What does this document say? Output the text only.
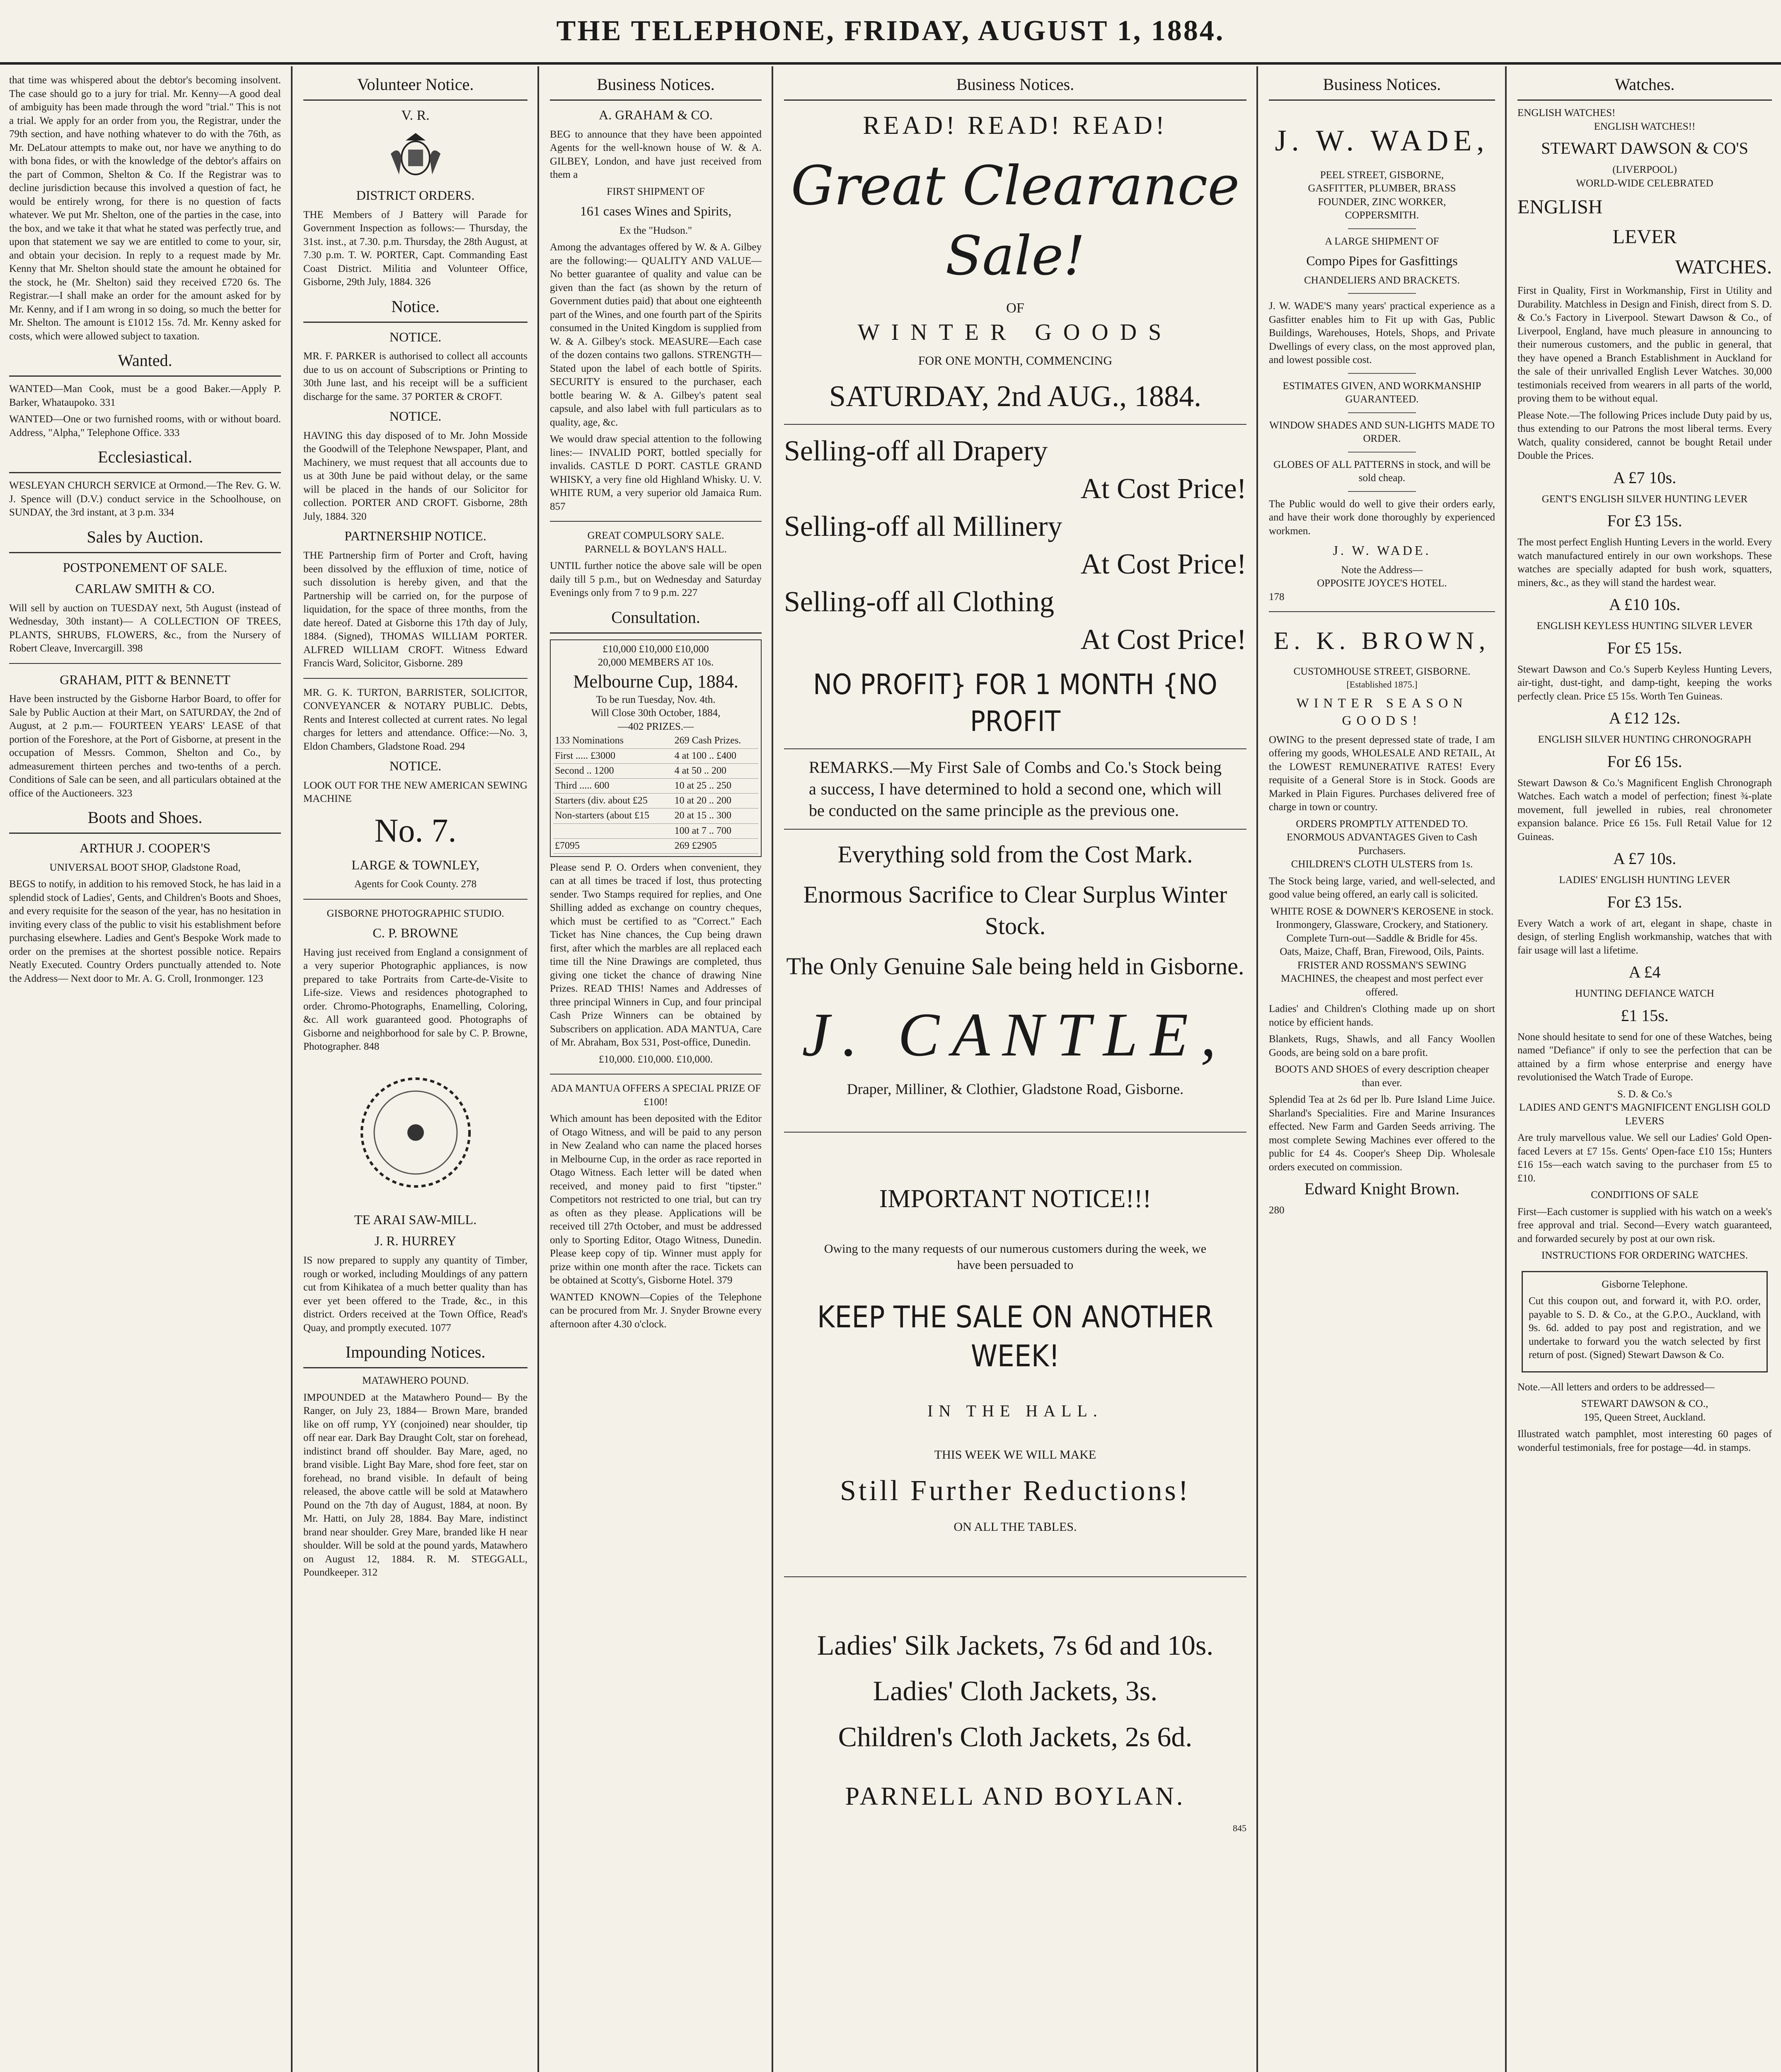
THE TELEPHONE, FRIDAY, AUGUST 1, 1884.

that time was whispered about the debtor's becoming insolvent. The case should go to a jury for trial. Mr. Kenny—A good deal of ambiguity has been made through the word "trial." This is not a trial. We apply for an order from you, the Registrar, under the 79th section, and have nothing whatever to do with the 76th, as Mr. DeLatour attempts to make out, nor have we anything to do with bona fides, or with the knowledge of the debtor's affairs on the part of Common, Shelton & Co. If the Registrar was to decline jurisdiction because this involved a question of fact, he would be entirely wrong, for there is no question of facts whatever. We put Mr. Shelton, one of the parties in the case, into the box, and we take it that what he stated was perfectly true, and upon that statement we say we are entitled to come to your, sir, and obtain your decision. In reply to a request made by Mr. Kenny that Mr. Shelton should state the amount he obtained for the stock, he (Mr. Shelton) said they received £720 6s. The Registrar.—I shall make an order for the amount asked for by Mr. Kenny, and if I am wrong in so doing, so much the better for Mr. Shelton. The amount is £1012 15s. 7d. Mr. Kenny asked for costs, which were allowed subject to taxation.

Wanted.

WANTED—Man Cook, must be a good Baker.—Apply P. Barker, Whataupoko. 331

WANTED—One or two furnished rooms, with or without board. Address, "Alpha," Telephone Office. 333

Ecclesiastical.

WESLEYAN CHURCH SERVICE at Ormond.—The Rev. G. W. J. Spence will (D.V.) conduct service in the Schoolhouse, on SUNDAY, the 3rd instant, at 3 p.m. 334

Sales by Auction.
POSTPONEMENT OF SALE.
CARLAW SMITH & CO.

Will sell by auction on TUESDAY next, 5th August (instead of Wednesday, 30th instant)— A COLLECTION OF TREES, PLANTS, SHRUBS, FLOWERS, &c., from the Nursery of Robert Cleave, Invercargill. 398

GRAHAM, PITT & BENNETT

Have been instructed by the Gisborne Harbor Board, to offer for Sale by Public Auction at their Mart, on SATURDAY, the 2nd of August, at 2 p.m.— FOURTEEN YEARS' LEASE of that portion of the Foreshore, at the Port of Gisborne, at present in the occupation of Messrs. Common, Shelton and Co., by admeasurement thirteen perches and two-tenths of a perch. Conditions of Sale can be seen, and all particulars obtained at the office of the Auctioneers. 323

Boots and Shoes.
ARTHUR J. COOPER'S
UNIVERSAL BOOT SHOP, Gladstone Road,

BEGS to notify, in addition to his removed Stock, he has laid in a splendid stock of Ladies', Gents, and Children's Boots and Shoes, and every requisite for the season of the year, has no hesitation in inviting every class of the public to visit his establishment before purchasing elsewhere. Ladies and Gent's Bespoke Work made to order on the premises at the shortest possible notice. Repairs Neatly Executed. Country Orders punctually attended to. Note the Address— Next door to Mr. A. G. Croll, Ironmonger. 123

Volunteer Notice.
V. R.
DISTRICT ORDERS.

THE Members of J Battery will Parade for Government Inspection as follows:— Thursday, the 31st. inst., at 7.30. p.m. Thursday, the 28th August, at 7.30 p.m. T. W. PORTER, Capt. Commanding East Coast District. Militia and Volunteer Office, Gisborne, 29th July, 1884. 326

Notice.
NOTICE.

MR. F. PARKER is authorised to collect all accounts due to us on account of Subscriptions or Printing to 30th June last, and his receipt will be a sufficient discharge for the same. 37 PORTER & CROFT.

NOTICE.

HAVING this day disposed of to Mr. John Mosside the Goodwill of the Telephone Newspaper, Plant, and Machinery, we must request that all accounts due to us at 30th June be paid without delay, or the same will be placed in the hands of our Solicitor for collection. PORTER AND CROFT. Gisborne, 28th July, 1884. 320

PARTNERSHIP NOTICE.

THE Partnership firm of Porter and Croft, having been dissolved by the effluxion of time, notice of such dissolution is hereby given, and that the Partnership will be carried on, for the purpose of liquidation, for the space of three months, from the date hereof. Dated at Gisborne this 17th day of July, 1884. (Signed), THOMAS WILLIAM PORTER. ALFRED WILLIAM CROFT. Witness Edward Francis Ward, Solicitor, Gisborne. 289

MR. G. K. TURTON, BARRISTER, SOLICITOR, CONVEYANCER & NOTARY PUBLIC. Debts, Rents and Interest collected at current rates. No legal charges for letters and attendance. Office:—No. 3, Eldon Chambers, Gladstone Road. 294

NOTICE.

LOOK OUT FOR THE NEW AMERICAN SEWING MACHINE

No. 7.
LARGE & TOWNLEY,
Agents for Cook County. 278
GISBORNE PHOTOGRAPHIC STUDIO.
C. P. BROWNE

Having just received from England a consignment of a very superior Photographic appliances, is now prepared to take Portraits from Carte-de-Visite to Life-size. Views and residences photographed to order. Chromo-Photographs, Enamelling, Coloring, &c. All work guaranteed good. Photographs of Gisborne and neighborhood for sale by C. P. Browne, Photographer. 848

TE ARAI SAW-MILL.
J. R. HURREY

IS now prepared to supply any quantity of Timber, rough or worked, including Mouldings of any pattern cut from Kihikatea of a much better quality than has ever yet been offered to the Trade, &c., in this district. Orders received at the Town Office, Read's Quay, and promptly executed. 1077

Impounding Notices.
MATAWHERO POUND.

IMPOUNDED at the Matawhero Pound— By the Ranger, on July 23, 1884— Brown Mare, branded like on off rump, YY (conjoined) near shoulder, tip off near ear. Dark Bay Draught Colt, star on forehead, indistinct brand off shoulder. Bay Mare, aged, no brand visible. Light Bay Mare, shod fore feet, star on forehead, no brand visible. In default of being released, the above cattle will be sold at Matawhero Pound on the 7th day of August, 1884, at noon. By Mr. Hatti, on July 28, 1884. Bay Mare, indistinct brand near shoulder. Grey Mare, branded like H near shoulder. Will be sold at the pound yards, Matawhero on August 12, 1884. R. M. STEGGALL, Poundkeeper. 312

Business Notices.
A. GRAHAM & CO.

BEG to announce that they have been appointed Agents for the well-known house of W. & A. GILBEY, London, and have just received from them a

FIRST SHIPMENT OF
161 cases Wines and Spirits,
Ex the "Hudson."

Among the advantages offered by W. & A. Gilbey are the following:— QUALITY AND VALUE—No better guarantee of quality and value can be given than the fact (as shown by the return of Government duties paid) that about one eighteenth part of the Wines, and one fourth part of the Spirits consumed in the United Kingdom is supplied from W. & A. Gilbey's stock. MEASURE—Each case of the dozen contains two gallons. STRENGTH—Stated upon the label of each bottle of Spirits. SECURITY is ensured to the purchaser, each bottle bearing W. & A. Gilbey's patent seal capsule, and also label with full particulars as to quality, age, &c.

We would draw special attention to the following lines:— INVALID PORT, bottled specially for invalids. CASTLE D PORT. CASTLE GRAND WHISKY, a very fine old Highland Whisky. U. V. WHITE RUM, a very superior old Jamaica Rum. 857

GREAT COMPULSORY SALE.
PARNELL & BOYLAN'S HALL.

UNTIL further notice the above sale will be open daily till 5 p.m., but on Wednesday and Saturday Evenings only from 7 to 9 p.m. 227

Consultation.
£10,000 £10,000 £10,000
20,000 MEMBERS AT 10s.
Melbourne Cup, 1884.
To be run Tuesday, Nov. 4th.
Will Close 30th October, 1884,
—402 PRIZES.—
133 Nominations	269 Cash Prizes.
First ..... £3000	4 at 100 .. £400
Second .. 1200	4 at 50 .. 200
Third ..... 600	10 at 25 .. 250
Starters (div. about £25	10 at 20 .. 200
Non-starters (about £15	20 at 15 .. 300
	100 at 7 .. 700
£7095	269 £2905

Please send P. O. Orders when convenient, they can at all times be traced if lost, thus protecting sender. Two Stamps required for replies, and One Shilling added as exchange on country cheques, which must be certified to as "Correct." Each Ticket has Nine chances, the Cup being drawn first, after which the marbles are all replaced each time till the Nine Drawings are completed, thus giving one ticket the chance of drawing Nine Prizes. READ THIS! Names and Addresses of three principal Winners in Cup, and four principal Cash Prize Winners can be obtained by Subscribers on application. ADA MANTUA, Care of Mr. Abraham, Box 531, Post-office, Dunedin.

£10,000. £10,000. £10,000.
ADA MANTUA OFFERS A SPECIAL PRIZE OF £100!

Which amount has been deposited with the Editor of Otago Witness, and will be paid to any person in New Zealand who can name the placed horses in Melbourne Cup, in the order as race reported in Otago Witness. Each letter will be dated when received, and money paid to first "tipster." Competitors not restricted to one trial, but can try as often as they please. Applications will be received till 27th October, and must be addressed only to Sporting Editor, Otago Witness, Dunedin. Please keep copy of tip. Winner must apply for prize within one month after the race. Tickets can be obtained at Scotty's, Gisborne Hotel. 379

WANTED KNOWN—Copies of the Telephone can be procured from Mr. J. Snyder Browne every afternoon after 4.30 o'clock.

Business Notices.
READ! READ! READ!
Great Clearance Sale!
OF
WINTER GOODS
FOR ONE MONTH, COMMENCING
SATURDAY, 2nd AUG., 1884.
Selling-off all Drapery
At Cost Price!
Selling-off all Millinery
At Cost Price!
Selling-off all Clothing
At Cost Price!
NO PROFIT} FOR 1 MONTH {NO PROFIT

REMARKS.—My First Sale of Combs and Co.'s Stock being a success, I have determined to hold a second one, which will be conducted on the same principle as the previous one.

Everything sold from the Cost Mark.
Enormous Sacrifice to Clear Surplus Winter Stock.
The Only Genuine Sale being held in Gisborne.
J. CANTLE,
Draper, Milliner, & Clothier, Gladstone Road, Gisborne.
IMPORTANT NOTICE!!!

Owing to the many requests of our numerous customers during the week, we have been persuaded to

KEEP THE SALE ON ANOTHER WEEK!
IN THE HALL.
THIS WEEK WE WILL MAKE
Still Further Reductions!
ON ALL THE TABLES.
Ladies' Silk Jackets, 7s 6d and 10s.
Ladies' Cloth Jackets, 3s.
Children's Cloth Jackets, 2s 6d.
PARNELL AND BOYLAN.
845
Business Notices.
J. W. WADE,
PEEL STREET, GISBORNE,
GASFITTER, PLUMBER, BRASS
FOUNDER, ZINC WORKER,
COPPERSMITH.
A LARGE SHIPMENT OF
Compo Pipes for Gasfittings
CHANDELIERS AND BRACKETS.

J. W. WADE'S many years' practical experience as a Gasfitter enables him to Fit up with Gas, Public Buildings, Warehouses, Hotels, Shops, and Private Dwellings of every class, on the most approved plan, and lowest possible cost.

ESTIMATES GIVEN, AND WORKMANSHIP GUARANTEED.
WINDOW SHADES AND SUN-LIGHTS MADE TO ORDER.
GLOBES OF ALL PATTERNS in stock, and will be sold cheap.

The Public would do well to give their orders early, and have their work done thoroughly by experienced workmen.

J. W. WADE.
Note the Address—
OPPOSITE JOYCE'S HOTEL.
178
E. K. BROWN,
CUSTOMHOUSE STREET, GISBORNE.
[Established 1875.]
WINTER SEASON GOODS!

OWING to the present depressed state of trade, I am offering my goods, WHOLESALE AND RETAIL, At the LOWEST REMUNERATIVE RATES! Every requisite of a General Store is in Stock. Goods are Marked in Plain Figures. Purchases delivered free of charge in town or country.

ORDERS PROMPTLY ATTENDED TO.
ENORMOUS ADVANTAGES Given to Cash Purchasers.
CHILDREN'S CLOTH ULSTERS from 1s.

The Stock being large, varied, and well-selected, and good value being offered, an early call is solicited.

WHITE ROSE & DOWNER'S KEROSENE in stock.
Ironmongery, Glassware, Crockery, and Stationery.
Complete Turn-out—Saddle & Bridle for 45s.
Oats, Maize, Chaff, Bran, Firewood, Oils, Paints.
FRISTER AND ROSSMAN'S SEWING MACHINES, the cheapest and most perfect ever offered.

Ladies' and Children's Clothing made up on short notice by efficient hands.

Blankets, Rugs, Shawls, and all Fancy Woollen Goods, are being sold on a bare profit.

BOOTS AND SHOES of every description cheaper than ever.

Splendid Tea at 2s 6d per lb. Pure Island Lime Juice. Sharland's Specialities. Fire and Marine Insurances effected. New Farm and Garden Seeds arriving. The most complete Sewing Machines ever offered to the public for £4 4s. Cooper's Sheep Dip. Wholesale orders executed on commission.

Edward Knight Brown.
280
Watches.
ENGLISH WATCHES!
ENGLISH WATCHES!!
STEWART DAWSON & CO'S
(LIVERPOOL)
WORLD-WIDE CELEBRATED
ENGLISH
LEVER
WATCHES.

First in Quality, First in Workmanship, First in Utility and Durability. Matchless in Design and Finish, direct from S. D. & Co.'s Factory in Liverpool. Stewart Dawson & Co., of Liverpool, England, have much pleasure in announcing to their numerous customers, and the public in general, that they have opened a Branch Establishment in Auckland for the sale of their unrivalled English Lever Watches. 30,000 testimonials received from wearers in all parts of the world, proving them to be without equal.

Please Note.—The following Prices include Duty paid by us, thus extending to our Patrons the most liberal terms. Every Watch, quality considered, cannot be bought Retail under Double the Prices.

A £7 10s.
GENT'S ENGLISH SILVER HUNTING LEVER
For £3 15s.

The most perfect English Hunting Levers in the world. Every watch manufactured entirely in our own workshops. These watches are specially adapted for bush work, squatters, miners, &c., as they will stand the hardest wear.

A £10 10s.
ENGLISH KEYLESS HUNTING SILVER LEVER
For £5 15s.

Stewart Dawson and Co.'s Superb Keyless Hunting Levers, air-tight, dust-tight, and damp-tight, keeping the works perfectly clean. Price £5 15s. Worth Ten Guineas.

A £12 12s.
ENGLISH SILVER HUNTING CHRONOGRAPH
For £6 15s.

Stewart Dawson & Co.'s Magnificent English Chronograph Watches. Each watch a model of perfection; finest ¾-plate movement, full jewelled in rubies, real chronometer expansion balance. Price £6 15s. Full Retail Value for 12 Guineas.

A £7 10s.
LADIES' ENGLISH HUNTING LEVER
For £3 15s.

Every Watch a work of art, elegant in shape, chaste in design, of sterling English workmanship, watches that with fair usage will last a lifetime.

A £4
HUNTING DEFIANCE WATCH
£1 15s.

None should hesitate to send for one of these Watches, being named "Defiance" if only to see the perfection that can be attained by a firm whose enterprise and energy have revolutionised the Watch Trade of Europe.

S. D. & Co.'s
LADIES AND GENT'S MAGNIFICENT ENGLISH GOLD LEVERS

Are truly marvellous value. We sell our Ladies' Gold Open-faced Levers at £7 15s. Gents' Open-face £10 15s; Hunters £16 15s—each watch saving to the purchaser from £5 to £10.

CONDITIONS OF SALE

First—Each customer is supplied with his watch on a week's free approval and trial. Second—Every watch guaranteed, and forwarded securely by post at our own risk.

INSTRUCTIONS FOR ORDERING WATCHES.
Gisborne Telephone.

Cut this coupon out, and forward it, with P.O. order, payable to S. D. & Co., at the G.P.O., Auckland, with 9s. 6d. added to pay post and registration, and we undertake to forward you the watch selected by first return of post. (Signed) Stewart Dawson & Co.

Note.—All letters and orders to be addressed—

STEWART DAWSON & CO.,
195, Queen Street, Auckland.

Illustrated watch pamphlet, most interesting 60 pages of wonderful testimonials, free for postage—4d. in stamps.
